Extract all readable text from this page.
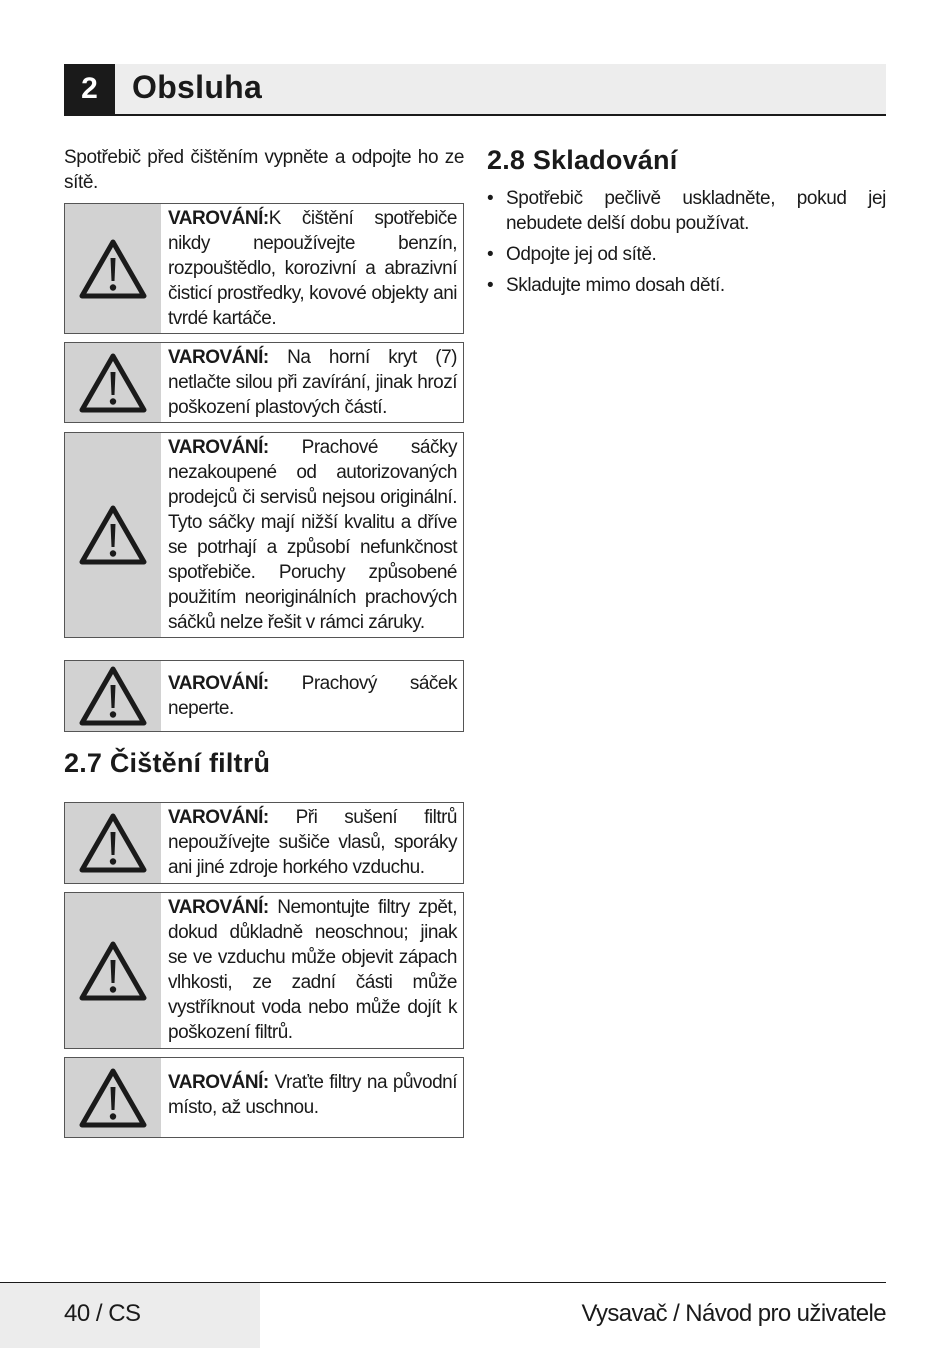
2	Obsluha

Spotřebič před čištěním vypněte a odpojte ho ze sítě.

VAROVÁNÍ:K čištění spotřebiče nikdy nepoužívejte benzín, rozpouštědlo, korozivní a abrazivní čisticí prostředky, kovové objekty ani tvrdé kartáče.
VAROVÁNÍ: Na horní kryt (7) netlačte silou při zavírání, jinak hrozí poškození plastových částí.
VAROVÁNÍ: Prachové sáčky nezakoupené od autorizovaných prodejců či servisů nejsou originální. Tyto sáčky mají nižší kvalitu a dříve se potrhají a způsobí nefunkčnost spotřebiče. Poruchy způsobené použitím neoriginálních prachových sáčků nelze řešit v rámci záruky.
VAROVÁNÍ: Prachový sáček neperte.
2.7 Čištění filtrů
VAROVÁNÍ: Při sušení filtrů nepoužívejte sušiče vlasů, sporáky ani jiné zdroje horkého vzduchu.
VAROVÁNÍ: Nemontujte filtry zpět, dokud důkladně neoschnou; jinak se ve vzduchu může objevit zápach vlhkosti, ze zadní části může vystříknout voda nebo může dojít k poškození filtrů.
VAROVÁNÍ: Vraťte filtry na původní místo, až uschnou.
2.8 Skladování
• Spotřebič pečlivě uskladněte, pokud jej nebudete delší dobu používat.
• Odpojte jej od sítě.
• Skladujte mimo dosah dětí.
40 / CS	Vysavač / Návod pro uživatele
